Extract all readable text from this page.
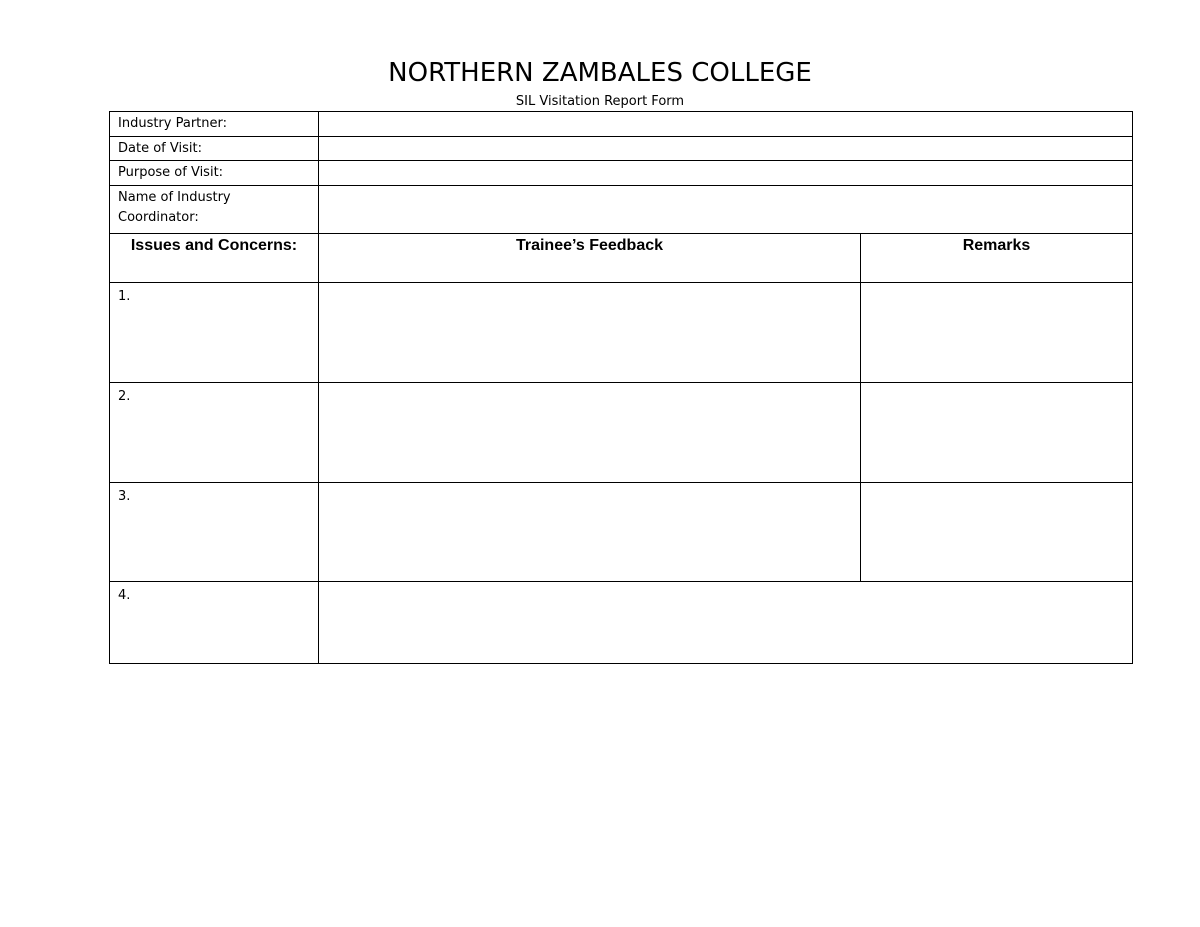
NORTHERN ZAMBALES COLLEGE
SIL Visitation Report Form
Industry Partner:		
Date of Visit:		
Purpose of Visit:		
Name of Industry
Coordinator:		
Issues and Concerns:	Trainee’s Feedback	Remarks
1.		
2.		
3.		
4.		
